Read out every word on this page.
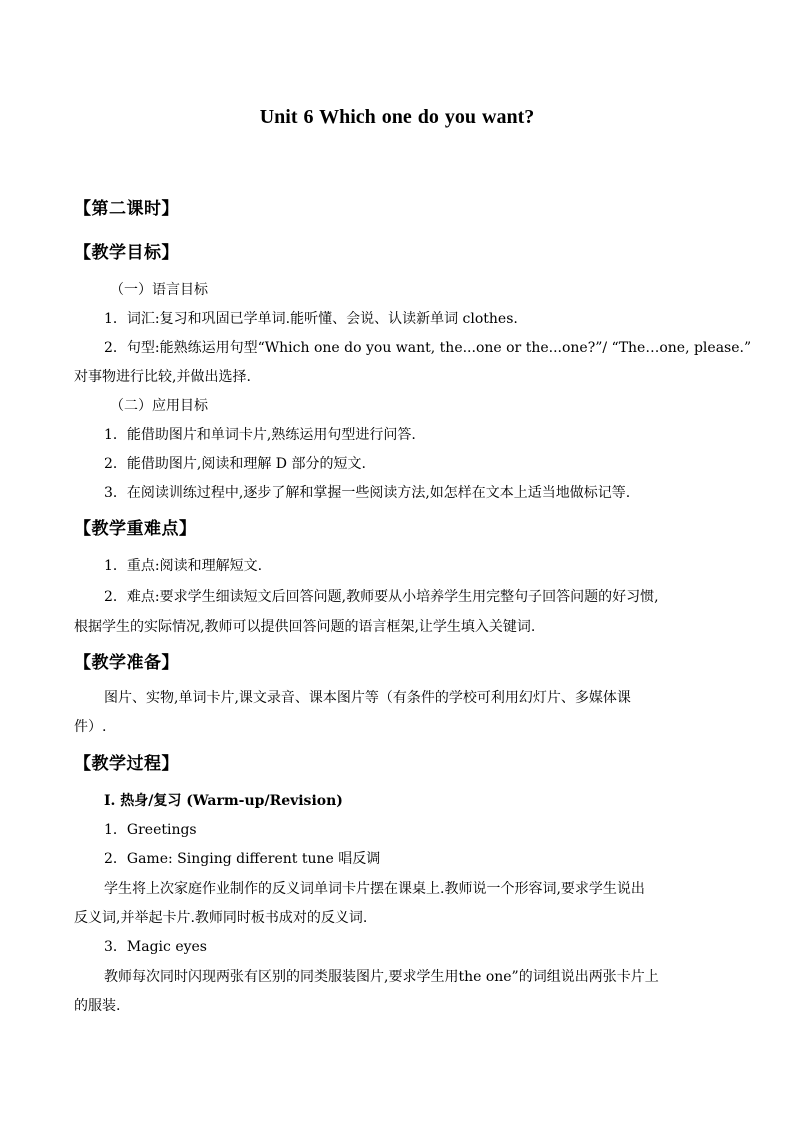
Unit 6 Which one do you want?
【第二课时】
【教学目标】
（一）语言目标
1．词汇:复习和巩固已学单词.能听懂、会说、认读新单词 clothes.
2．句型:能熟练运用句型“Which one do you want, the...one or the...one?”/ “The…one, please.”
对事物进行比较,并做出选择.
（二）应用目标
1．能借助图片和单词卡片,熟练运用句型进行问答.
2．能借助图片,阅读和理解 D 部分的短文.
3．在阅读训练过程中,逐步了解和掌握一些阅读方法,如怎样在文本上适当地做标记等.
【教学重难点】
1．重点:阅读和理解短文.
2．难点:要求学生细读短文后回答问题,教师要从小培养学生用完整句子回答问题的好习惯,
根据学生的实际情况,教师可以提供回答问题的语言框架,让学生填入关键词.
【教学准备】
图片、实物,单词卡片,课文录音、课本图片等（有条件的学校可利用幻灯片、多媒体课
件）.
【教学过程】
I. 热身/复习 (Warm-up/Revision)
1．Greetings
2．Game: Singing different tune 唱反调
学生将上次家庭作业制作的反义词单词卡片摆在课桌上.教师说一个形容词,要求学生说出
反义词,并举起卡片.教师同时板书成对的反义词.
3．Magic eyes
教师每次同时闪现两张有区别的同类服装图片,要求学生用the one”的词组说出两张卡片上
的服装.
